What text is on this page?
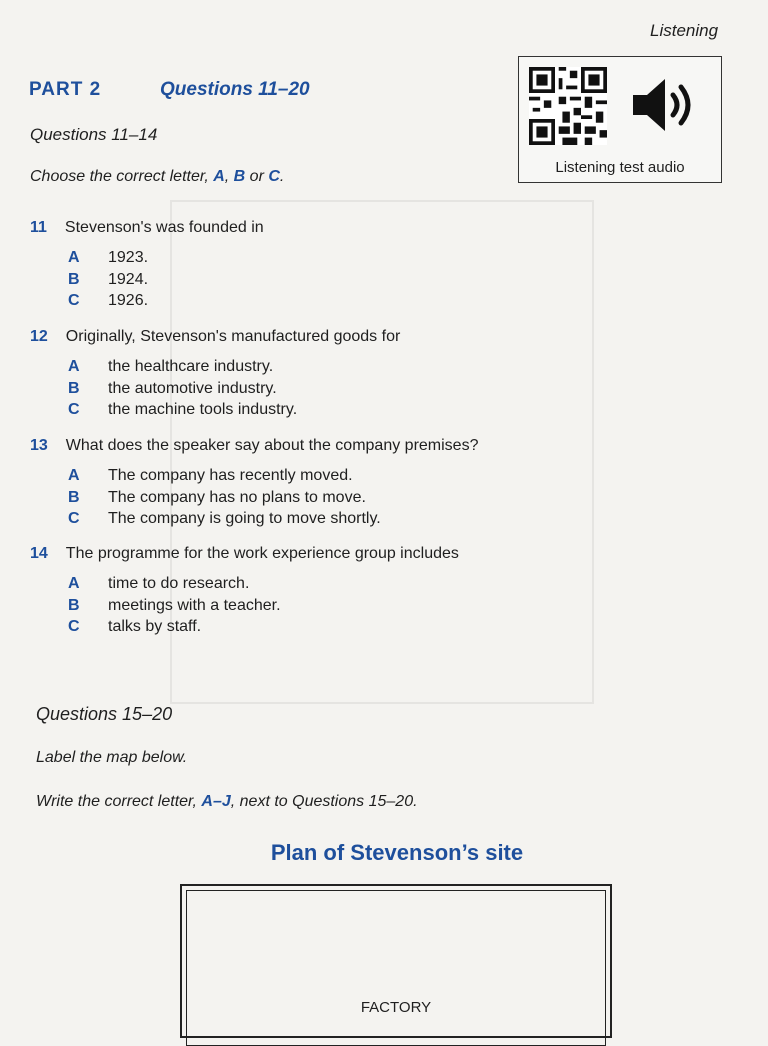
Listening
PART 2	Questions 11–20
Listening test audio
Questions 11–14
Choose the correct letter, A, B or C.
11 Stevenson's was founded in
A	1923.
B	1924.
C	1926.
12 Originally, Stevenson's manufactured goods for
A	the healthcare industry.
B	the automotive industry.
C	the machine tools industry.
13 What does the speaker say about the company premises?
A	The company has recently moved.
B	The company has no plans to move.
C	The company is going to move shortly.
14 The programme for the work experience group includes
A	time to do research.
B	meetings with a teacher.
C	talks by staff.
Questions 15–20
Label the map below.
Write the correct letter, A–J, next to Questions 15–20.
Plan of Stevenson’s site
FACTORY
